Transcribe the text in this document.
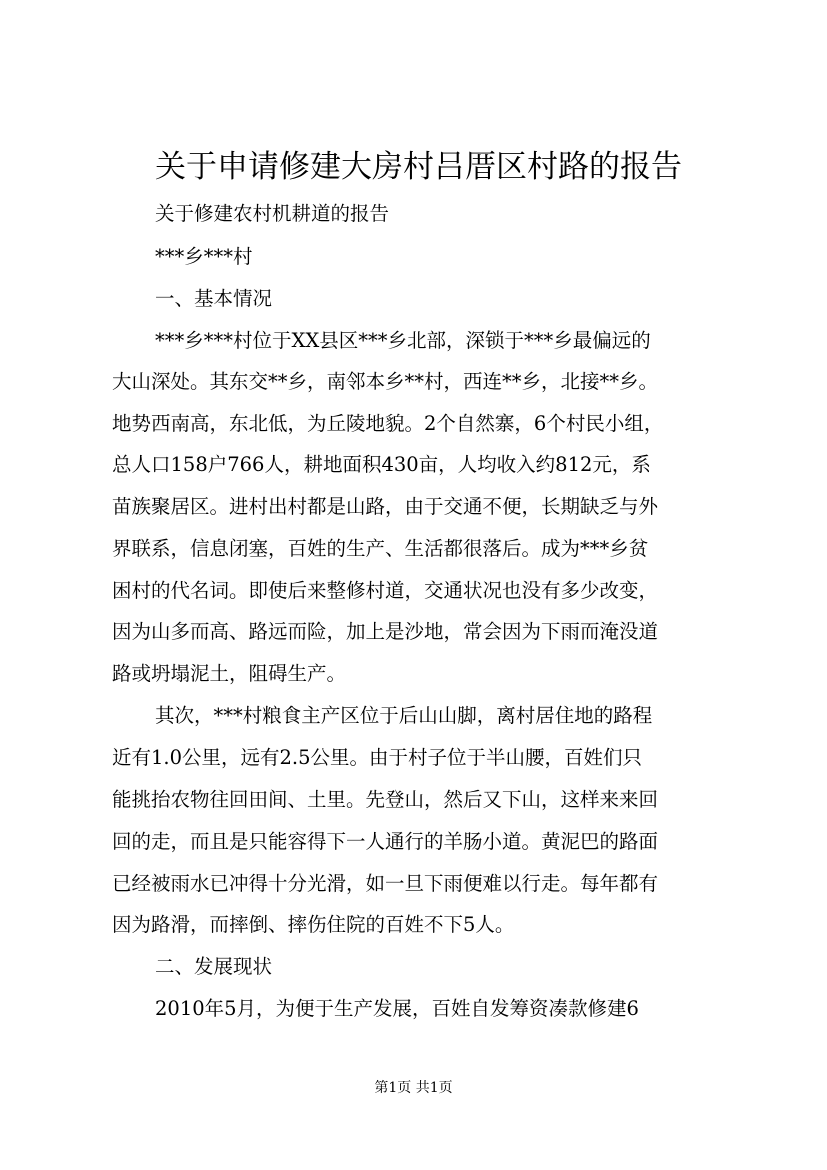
关于申请修建大房村吕厝区村路的报告
关于修建农村机耕道的报告
***乡***村
一、基本情况
***乡***村位于XX县区***乡北部，深锁于***乡最偏远的
大山深处。其东交**乡，南邻本乡**村，西连**乡，北接**乡。
地势西南高，东北低，为丘陵地貌。2个自然寨，6个村民小组，
总人口158户766人，耕地面积430亩，人均收入约812元，系
苗族聚居区。进村出村都是山路，由于交通不便，长期缺乏与外
界联系，信息闭塞，百姓的生产、生活都很落后。成为***乡贫
困村的代名词。即使后来整修村道，交通状况也没有多少改变，
因为山多而高、路远而险，加上是沙地，常会因为下雨而淹没道
路或坍塌泥土，阻碍生产。
其次，***村粮食主产区位于后山山脚，离村居住地的路程
近有1.0公里，远有2.5公里。由于村子位于半山腰，百姓们只
能挑抬农物往回田间、土里。先登山，然后又下山，这样来来回
回的走，而且是只能容得下一人通行的羊肠小道。黄泥巴的路面
已经被雨水已冲得十分光滑，如一旦下雨便难以行走。每年都有
因为路滑，而摔倒、摔伤住院的百姓不下5人。
二、发展现状
2010年5月，为便于生产发展，百姓自发筹资凑款修建6
第1页 共1页
